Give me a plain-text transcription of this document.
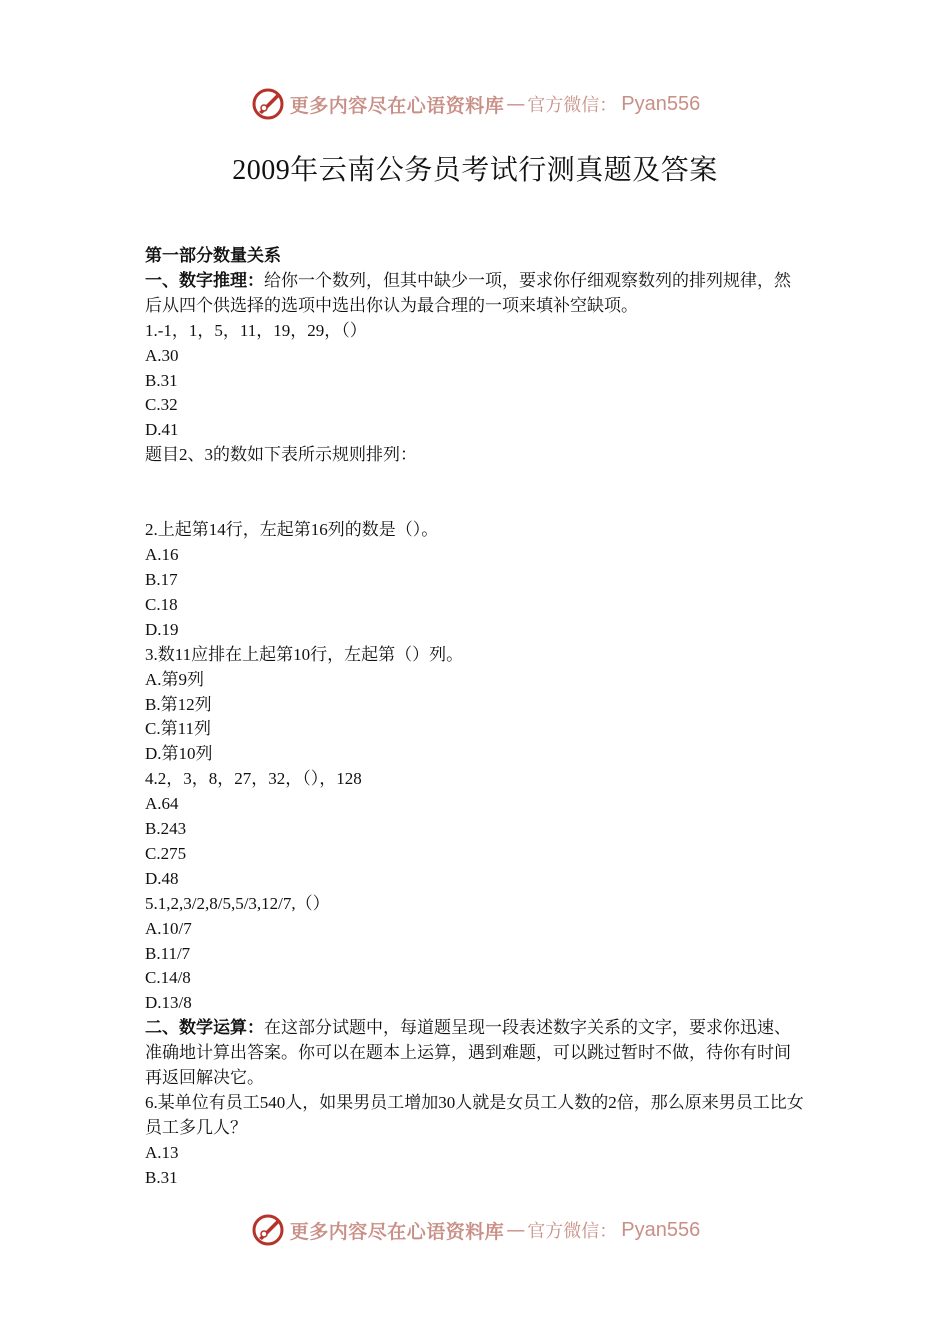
更多内容尽在心语资料库 — 官方微信： Pyan556
2009年云南公务员考试行测真题及答案

第一部分数量关系

一、数字推理：给你一个数列，但其中缺少一项，要求你仔细观察数列的排列规律，然后从四个供选择的选项中选出你认为最合理的一项来填补空缺项。

1.-1，1，5，11，19，29，（）

A.30

B.31

C.32

D.41

题目2、3的数如下表所示规则排列：

2.上起第14行，左起第16列的数是（）。

A.16

B.17

C.18

D.19

3.数11应排在上起第10行，左起第（）列。

A.第9列

B.第12列

C.第11列

D.第10列

4.2，3，8，27，32，（），128

A.64

B.243

C.275

D.48

5.1,2,3/2,8/5,5/3,12/7,（）

A.10/7

B.11/7

C.14/8

D.13/8

二、数学运算：在这部分试题中，每道题呈现一段表述数字关系的文字，要求你迅速、准确地计算出答案。你可以在题本上运算，遇到难题，可以跳过暂时不做，待你有时间再返回解决它。

6.某单位有员工540人，如果男员工增加30人就是女员工人数的2倍，那么原来男员工比女员工多几人？

A.13

B.31

更多内容尽在心语资料库 — 官方微信： Pyan556
